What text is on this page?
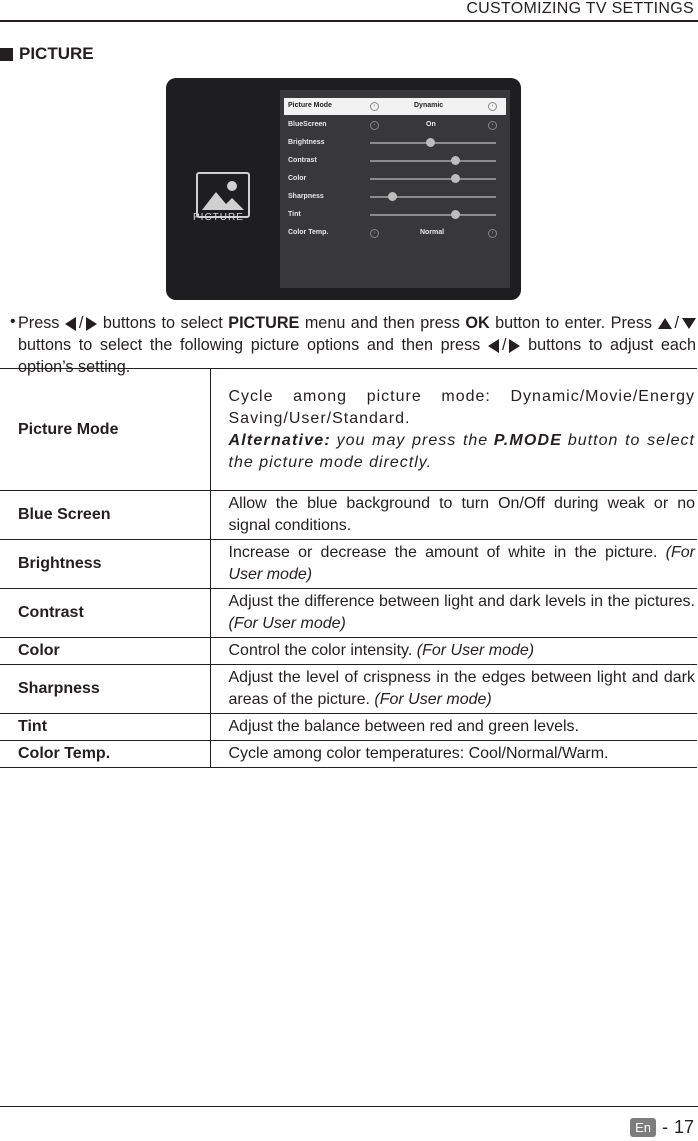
CUSTOMIZING TV SETTINGS
PICTURE
PICTURE
Picture Mode	‹	Dynamic	›
BlueScreen	‹	On	›
Brightness
Contrast
Color
Sharpness
Tint
Color Temp.	‹	Normal	›
• Press / buttons to select PICTURE menu and then press OK button to enter. Press / buttons to select the following picture options and then press / buttons to adjust each option’s setting.
Picture Mode	Cycle among picture mode: Dynamic/Movie/Energy Saving/User/Standard.
Alternative: you may press the P.MODE button to select the picture mode directly.
Blue Screen	Allow the blue background to turn On/Off during weak or no signal conditions.
Brightness	Increase or decrease the amount of white in the picture. (For User mode)
Contrast	Adjust the difference between light and dark levels in the pictures. (For User mode)
Color	Control the color intensity. (For User mode)
Sharpness	Adjust the level of crispness in the edges between light and dark areas of the picture. (For User mode)
Tint	Adjust the balance between red and green levels.
Color Temp.	Cycle among color temperatures: Cool/Normal/Warm.
En - 17
